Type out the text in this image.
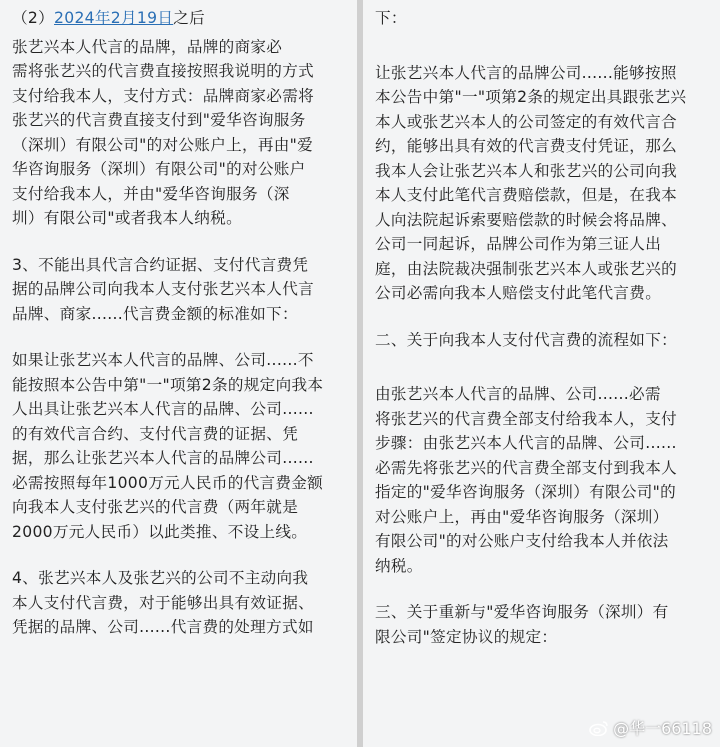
（2）2024年2月19日之后

张艺兴本人代言的品牌，品牌的商家必
需将张艺兴的代言费直接按照我说明的方式
支付给我本人，支付方式：品牌商家必需将
张艺兴的代言费直接支付到"爱华咨询服务
（深圳）有限公司"的对公账户上，再由"爱
华咨询服务（深圳）有限公司"的对公账户
支付给我本人，并由"爱华咨询服务（深
圳）有限公司"或者我本人纳税。

3、不能出具代言合约证据、支付代言费凭
据的品牌公司向我本人支付张艺兴本人代言
品牌、商家......代言费金额的标准如下：

如果让张艺兴本人代言的品牌、公司......不
能按照本公告中第"一"项第2条的规定向我本
人出具让张艺兴本人代言的品牌、公司......
的有效代言合约、支付代言费的证据、凭
据，那么让张艺兴本人代言的品牌公司......
必需按照每年1000万元人民币的代言费金额
向我本人支付张艺兴的代言费（两年就是
2000万元人民币）以此类推、不设上线。

4、张艺兴本人及张艺兴的公司不主动向我
本人支付代言费，对于能够出具有效证据、
凭据的品牌、公司......代言费的处理方式如

下：

让张艺兴本人代言的品牌公司......能够按照
本公告中第"一"项第2条的规定出具跟张艺兴
本人或张艺兴本人的公司签定的有效代言合
约，能够出具有效的代言费支付凭证，那么
我本人会让张艺兴本人和张艺兴的公司向我
本人支付此笔代言费赔偿款，但是，在我本
人向法院起诉索要赔偿款的时候会将品牌、
公司一同起诉，品牌公司作为第三证人出
庭，由法院裁决强制张艺兴本人或张艺兴的
公司必需向我本人赔偿支付此笔代言费。

二、关于向我本人支付代言费的流程如下：

由张艺兴本人代言的品牌、公司......必需
将张艺兴的代言费全部支付给我本人，支付
步骤：由张艺兴本人代言的品牌、公司......
必需先将张艺兴的代言费全部支付到我本人
指定的"爱华咨询服务（深圳）有限公司"的
对公账户上，再由"爱华咨询服务（深圳）
有限公司"的对公账户支付给我本人并依法
纳税。

三、关于重新与"爱华咨询服务（深圳）有
限公司"签定协议的规定：

@华一66118
